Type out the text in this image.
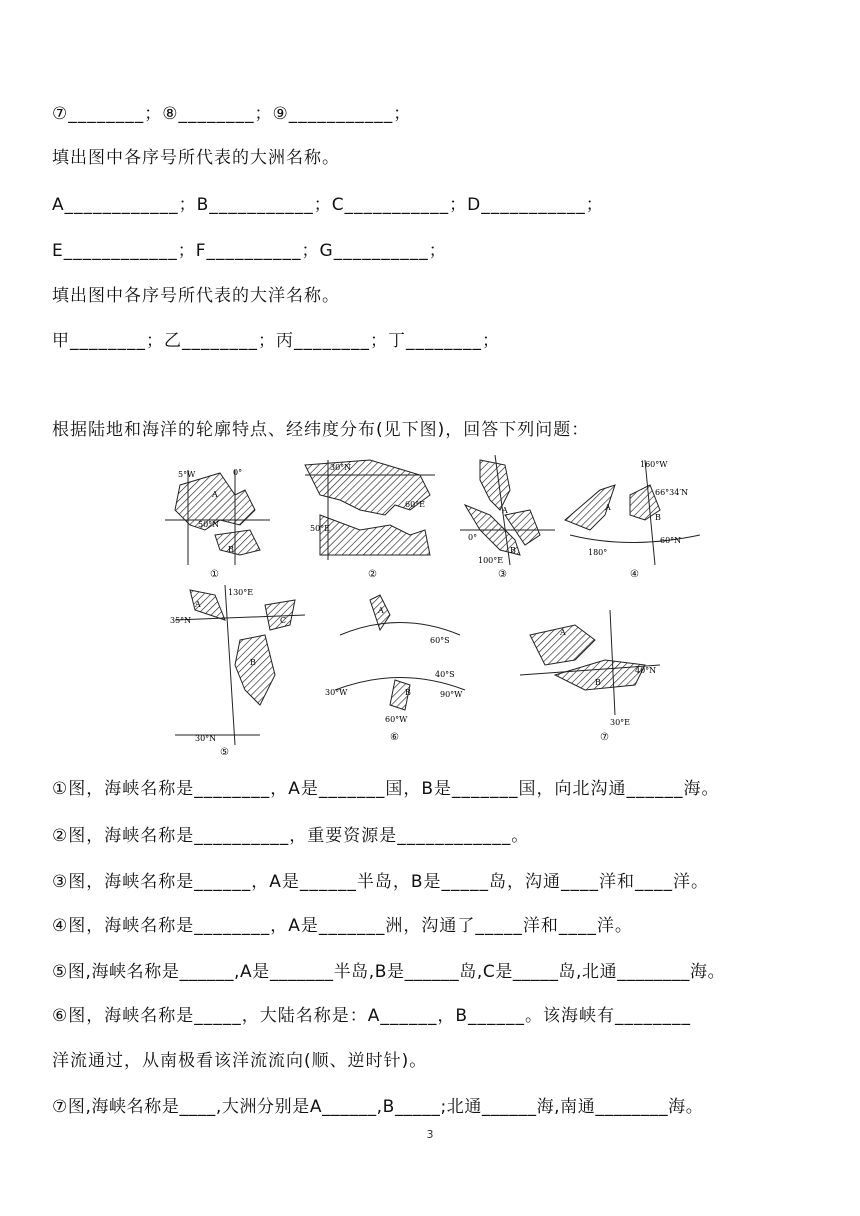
⑦________；⑧________；⑨___________；
填出图中各序号所代表的大洲名称。
A____________；B___________；C___________；D___________；
E____________；F__________；G__________；
填出图中各序号所代表的大洋名称。
甲________；乙________；丙________；丁________；
根据陆地和海洋的轮廓特点、经纬度分布(见下图)，回答下列问题：
5°W	0°
A
50°N
B
①
30°N
60°E
50°E
②
A
0°
100°E
B
③
160°W
66°34′N
A
B
180°
60°N
④
130°E
A
35°N	C
B
30°N
⑤
A
60°S
40°S
30°W	90°W
B
60°W
⑥
A
B
40°N
30°E
⑦
①图，海峡名称是________，A是_______国，B是_______国，向北沟通______海。
②图，海峡名称是__________，重要资源是____________。
③图，海峡名称是______，A是______半岛，B是_____岛，沟通____洋和____洋。
④图，海峡名称是________，A是_______洲，沟通了_____洋和____洋。
⑤图,海峡名称是______,A是_______半岛,B是______岛,C是_____岛,北通________海。
⑥图，海峡名称是_____，大陆名称是：A______，B______。该海峡有________
洋流通过，从南极看该洋流流向(顺、逆时针)。
⑦图,海峡名称是____,大洲分别是A______,B_____;北通______海,南通________海。
3
